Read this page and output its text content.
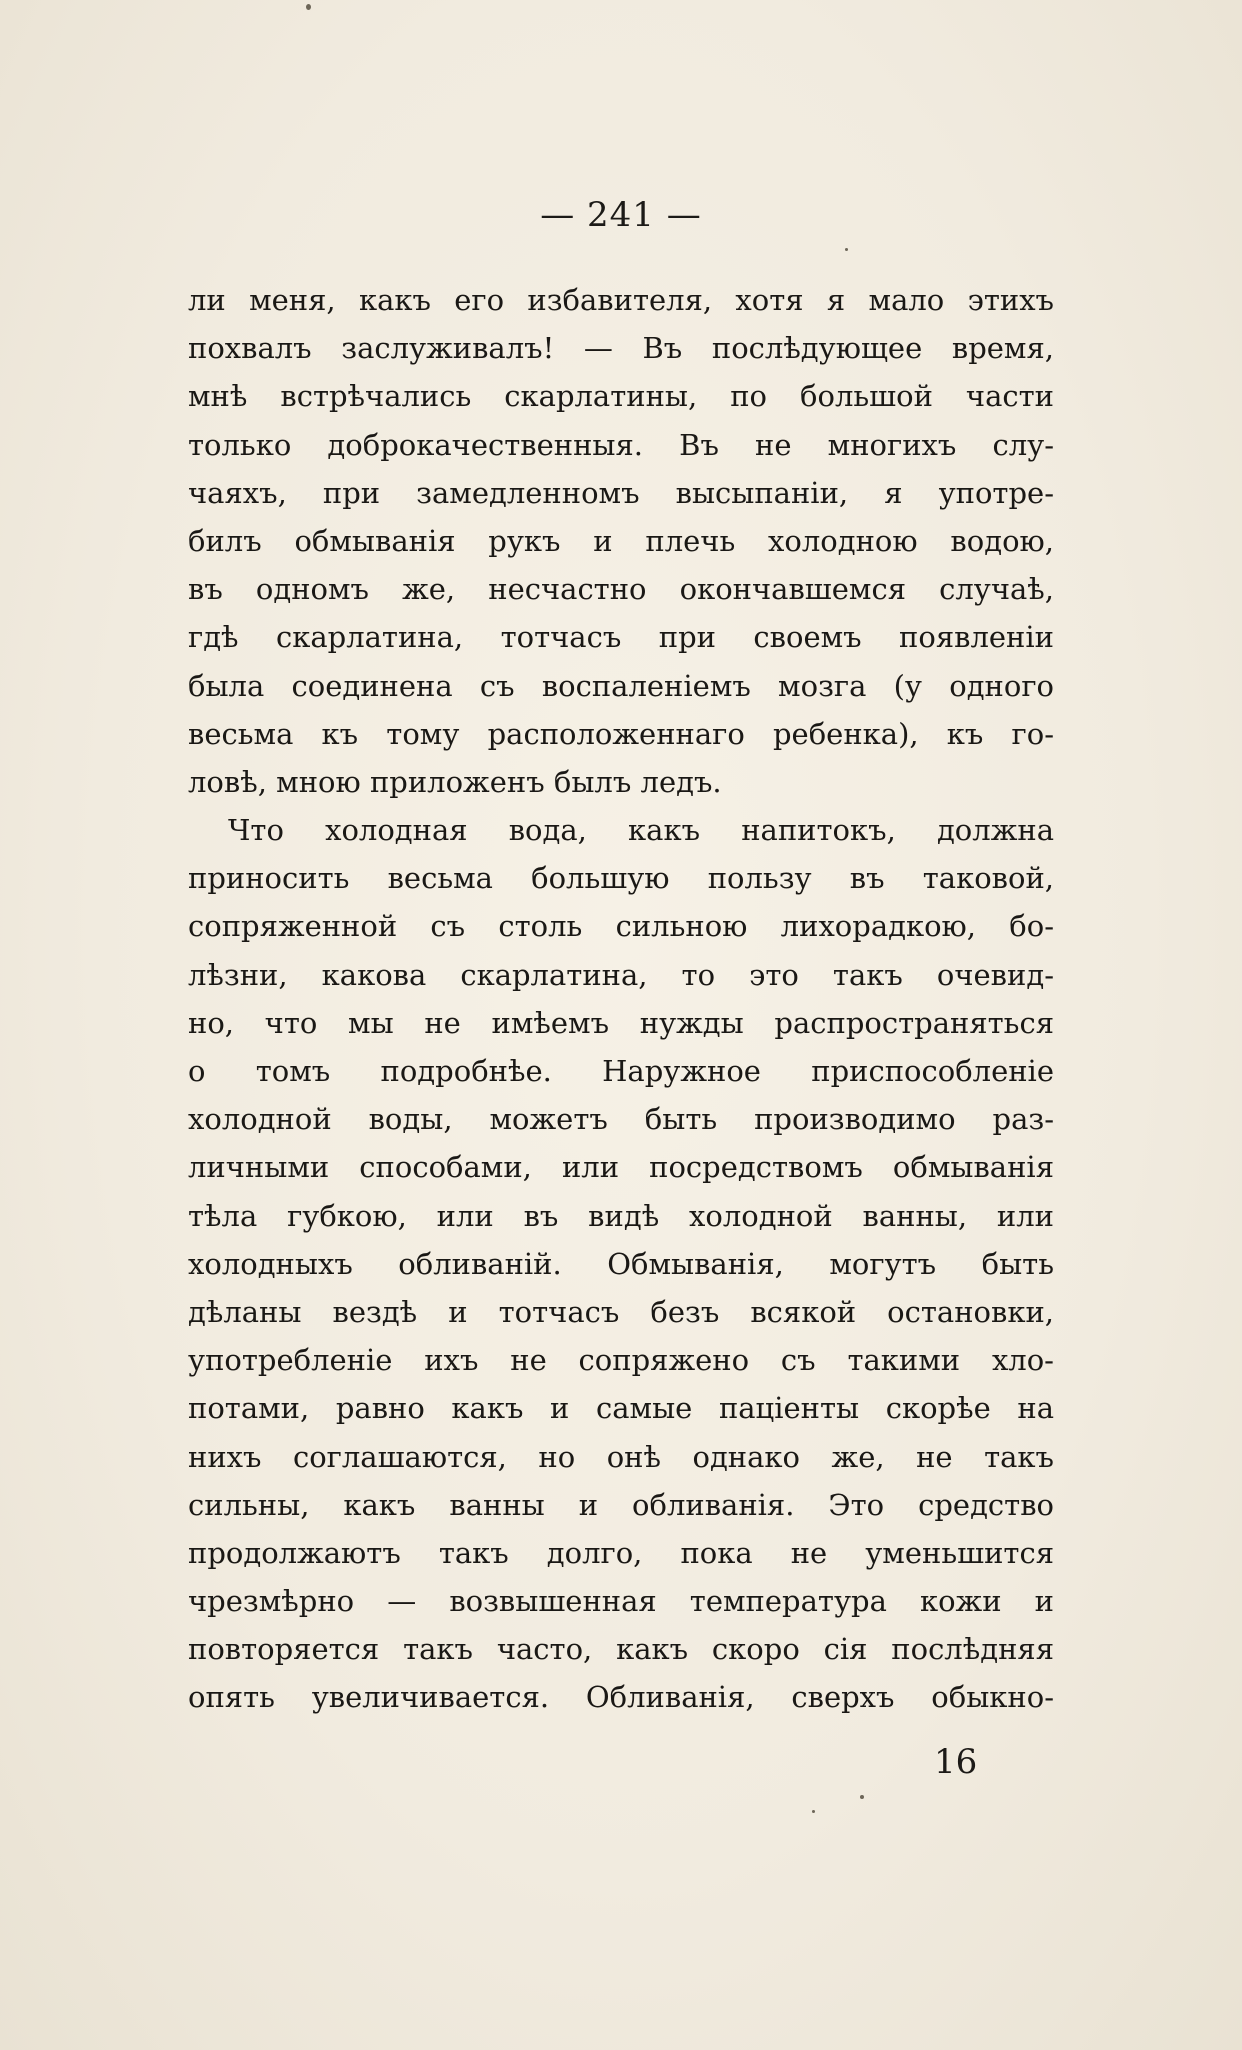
— 241 —
ли меня, какъ его избавителя, хотя я мало этихъ
похвалъ заслуживалъ! — Въ послѣдующее время,
мнѣ встрѣчались скарлатины, по большой части
только доброкачественныя. Въ не многихъ слу-
чаяхъ, при замедленномъ высыпаніи, я употре-
билъ обмыванія рукъ и плечь холодною водою,
въ одномъ же, несчастно окончавшемся случаѣ,
гдѣ скарлатина, тотчасъ при своемъ появленіи
была соединена съ воспаленіемъ мозга (у одного
весьма къ тому расположеннаго ребенка), къ го-
ловѣ, мною приложенъ былъ ледъ.
Что холодная вода, какъ напитокъ, должна
приносить весьма большую пользу въ таковой,
сопряженной съ столь сильною лихорадкою, бо-
лѣзни, какова скарлатина, то это такъ очевид-
но, что мы не имѣемъ нужды распространяться
о томъ подробнѣе. Наружное приспособленіе
холодной воды, можетъ быть производимо раз-
личными способами, или посредствомъ обмыванія
тѣла губкою, или въ видѣ холодной ванны, или
холодныхъ обливаній. Обмыванія, могутъ быть
дѣланы вездѣ и тотчасъ безъ всякой остановки,
употребленіе ихъ не сопряжено съ такими хло-
потами, равно какъ и самые паціенты скорѣе на
нихъ соглашаются, но онѣ однако же, не такъ
сильны, какъ ванны и обливанія. Это средство
продолжаютъ такъ долго, пока не уменьшится
чрезмѣрно — возвышенная температура кожи и
повторяется такъ часто, какъ скоро сія послѣдняя
опять увеличивается. Обливанія, сверхъ обыкно-
16
